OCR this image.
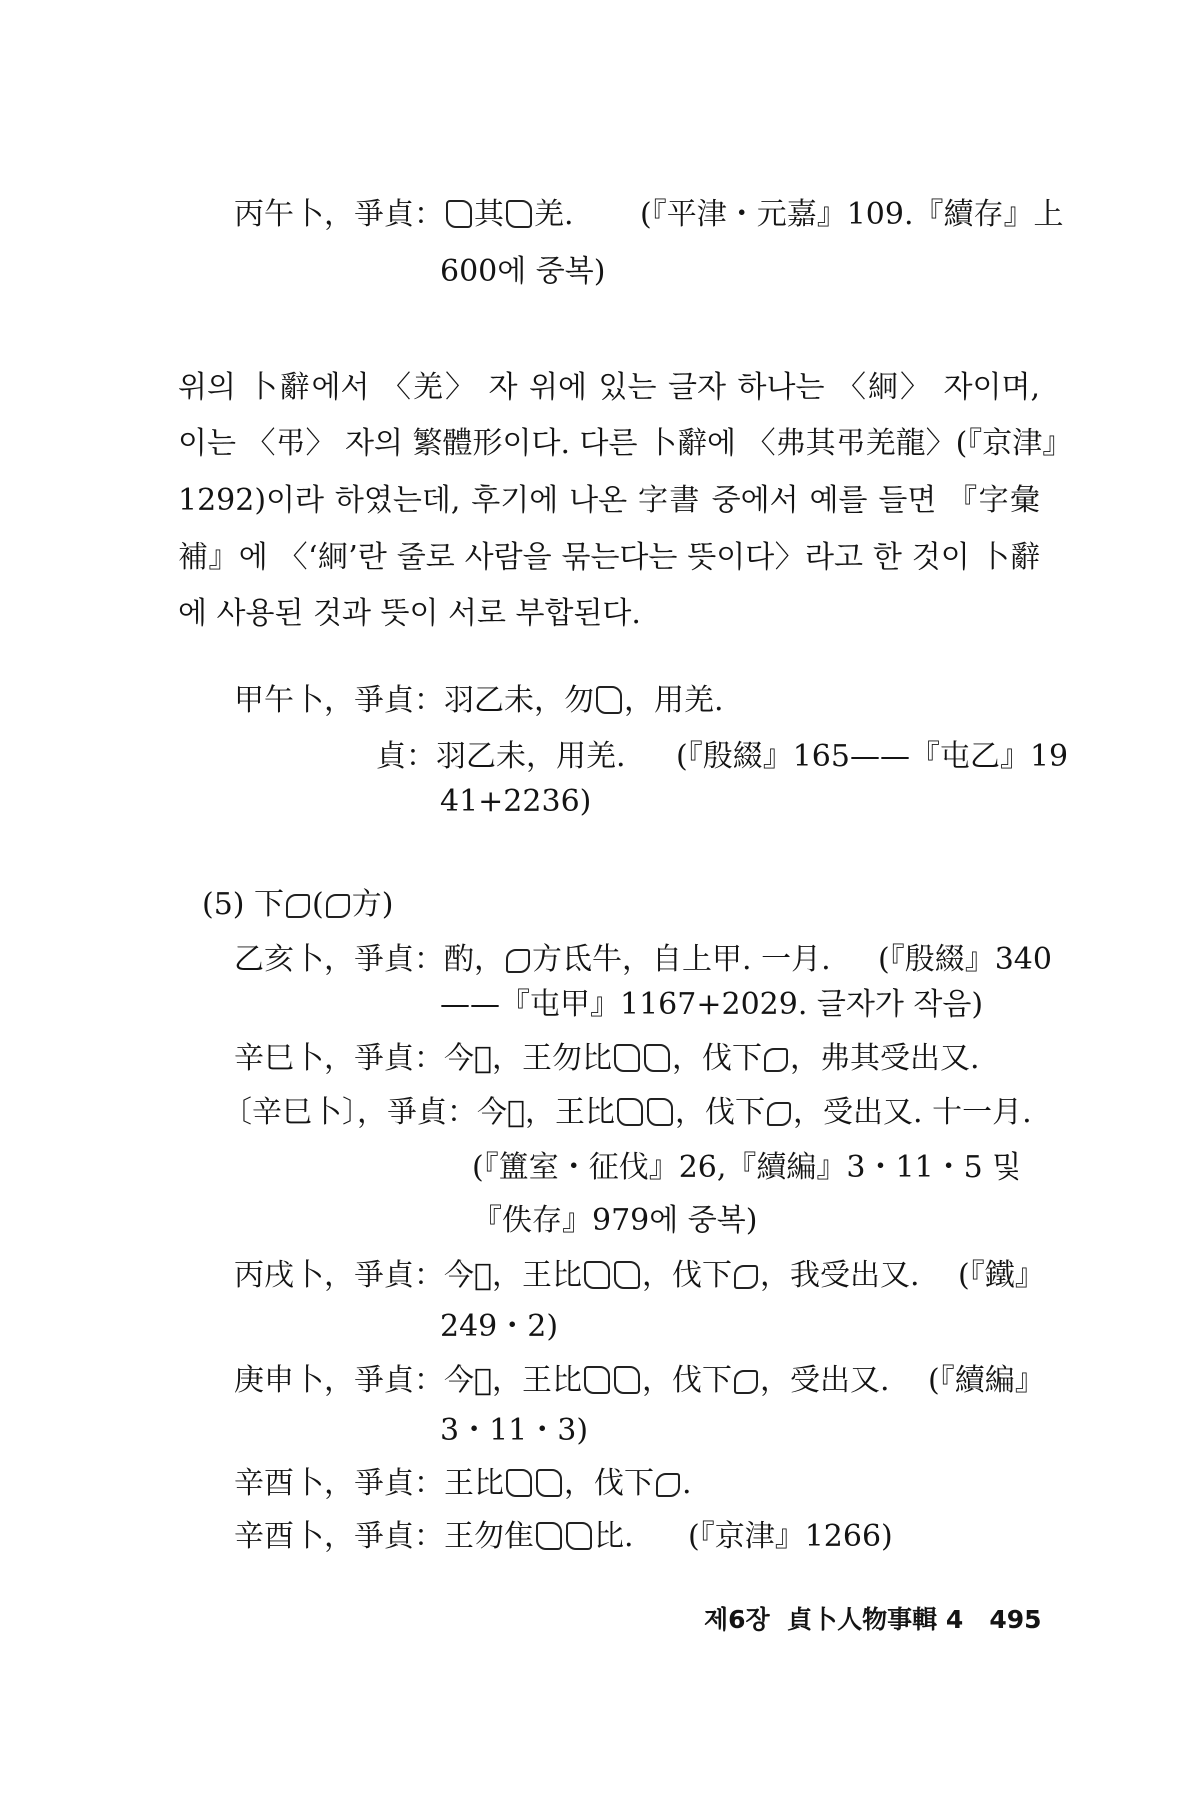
丙午卜，爭貞： 其 羌. (『平津・元嘉』109.『續存』上
600에 중복)
위의 卜辭에서 〈羌〉 자 위에 있는 글자 하나는 〈絅〉 자이며,
이는 〈弔〉 자의 繁體形이다. 다른 卜辭에 〈弗其弔羌龍〉(『京津』
1292)이라 하였는데, 후기에 나온 字書 중에서 예를 들면 『字彙
補』에 〈‘絅’란 줄로 사람을 묶는다는 뜻이다〉라고 한 것이 卜辭
에 사용된 것과 뜻이 서로 부합된다.
甲午卜，爭貞：羽乙未，勿 ，用羌.
貞：羽乙未，用羌. (『殷綴』165——『屯乙』19
41+2236)
(5) 下 ( 方)
乙亥卜，爭貞：酌， 方氐牛，自上甲. 一月. (『殷綴』340
——『屯甲』1167+2029. 글자가 작음)
辛巳卜，爭貞：今𠰷，王勿比 ，伐下 ，弗其受出又.
〔辛巳卜〕，爭貞：今𠰷，王比 ，伐下 ，受出又. 十一月.
(『簠室・征伐』26,『續編』3・11・5 및
『佚存』979에 중복)
丙戌卜，爭貞：今𠰷，王比 ，伐下 ，我受出又. (『鐵』
249・2)
庚申卜，爭貞：今𠰷，王比 ，伐下 ，受出又. (『續編』
3・11・3)
辛酉卜，爭貞：王比 ，伐下 .
辛酉卜，爭貞：王勿隹 比. (『京津』1266)
제6장 貞卜人物事輯 4 495
